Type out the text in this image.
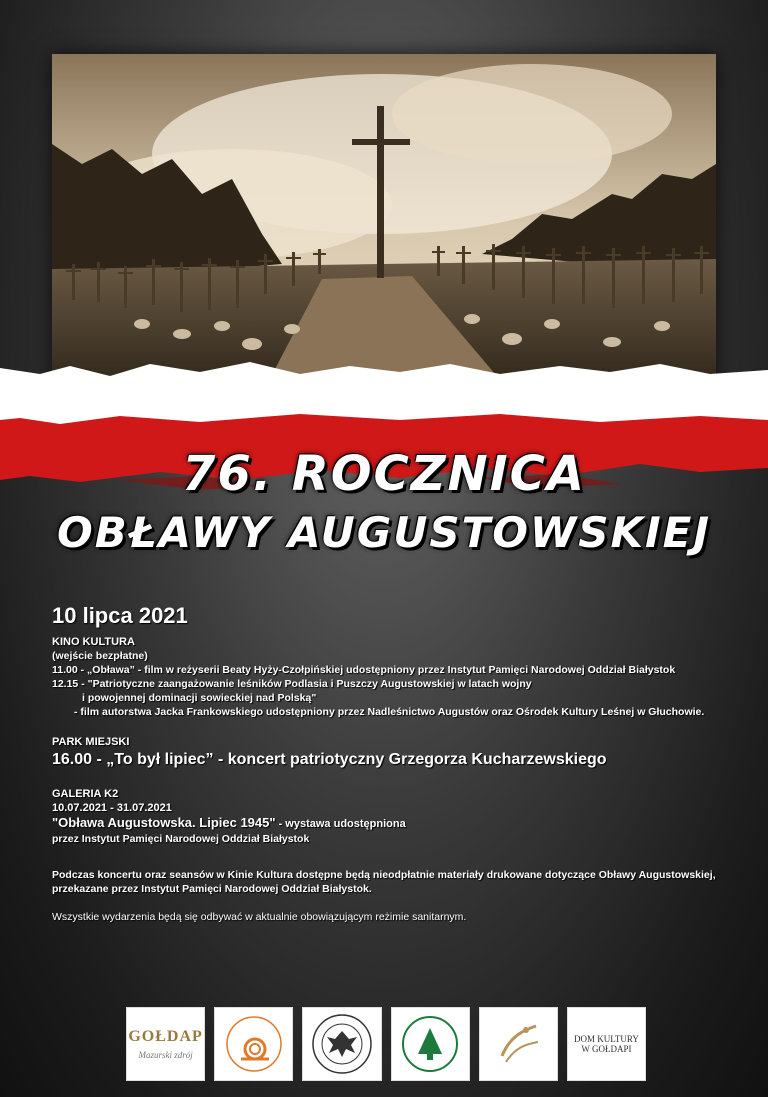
76. ROCZNICA
OBŁAWY AUGUSTOWSKIEJ
10 lipca 2021
KINO KULTURA
(wejście bezpłatne)
11.00 - „Obława” - film w reżyserii Beaty Hyży-Czołpińskiej udostępniony przez Instytut Pamięci Narodowej Oddział Białystok
12.15 - "Patriotyczne zaangażowanie leśników Podlasia i Puszczy Augustowskiej w latach wojny
i powojennej dominacji sowieckiej nad Polską"
- film autorstwa Jacka Frankowskiego udostępniony przez Nadleśnictwo Augustów oraz Ośrodek Kultury Leśnej w Głuchowie.
PARK MIEJSKI
16.00 - „To był lipiec” - koncert patriotyczny Grzegorza Kucharzewskiego
GALERIA K2
10.07.2021 - 31.07.2021
"Obława Augustowska. Lipiec 1945" - wystawa udostępniona
przez Instytut Pamięci Narodowej Oddział Białystok
Podczas koncertu oraz seansów w Kinie Kultura dostępne będą nieodpłatnie materiały drukowane dotyczące Obławy Augustowskiej,
przekazane przez Instytut Pamięci Narodowej Oddział Białystok.
Wszystkie wydarzenia będą się odbywać w aktualnie obowiązującym reżimie sanitarnym.
GOŁDAP
Mazurski zdrój
DOM KULTURY
W GOŁDAPI
